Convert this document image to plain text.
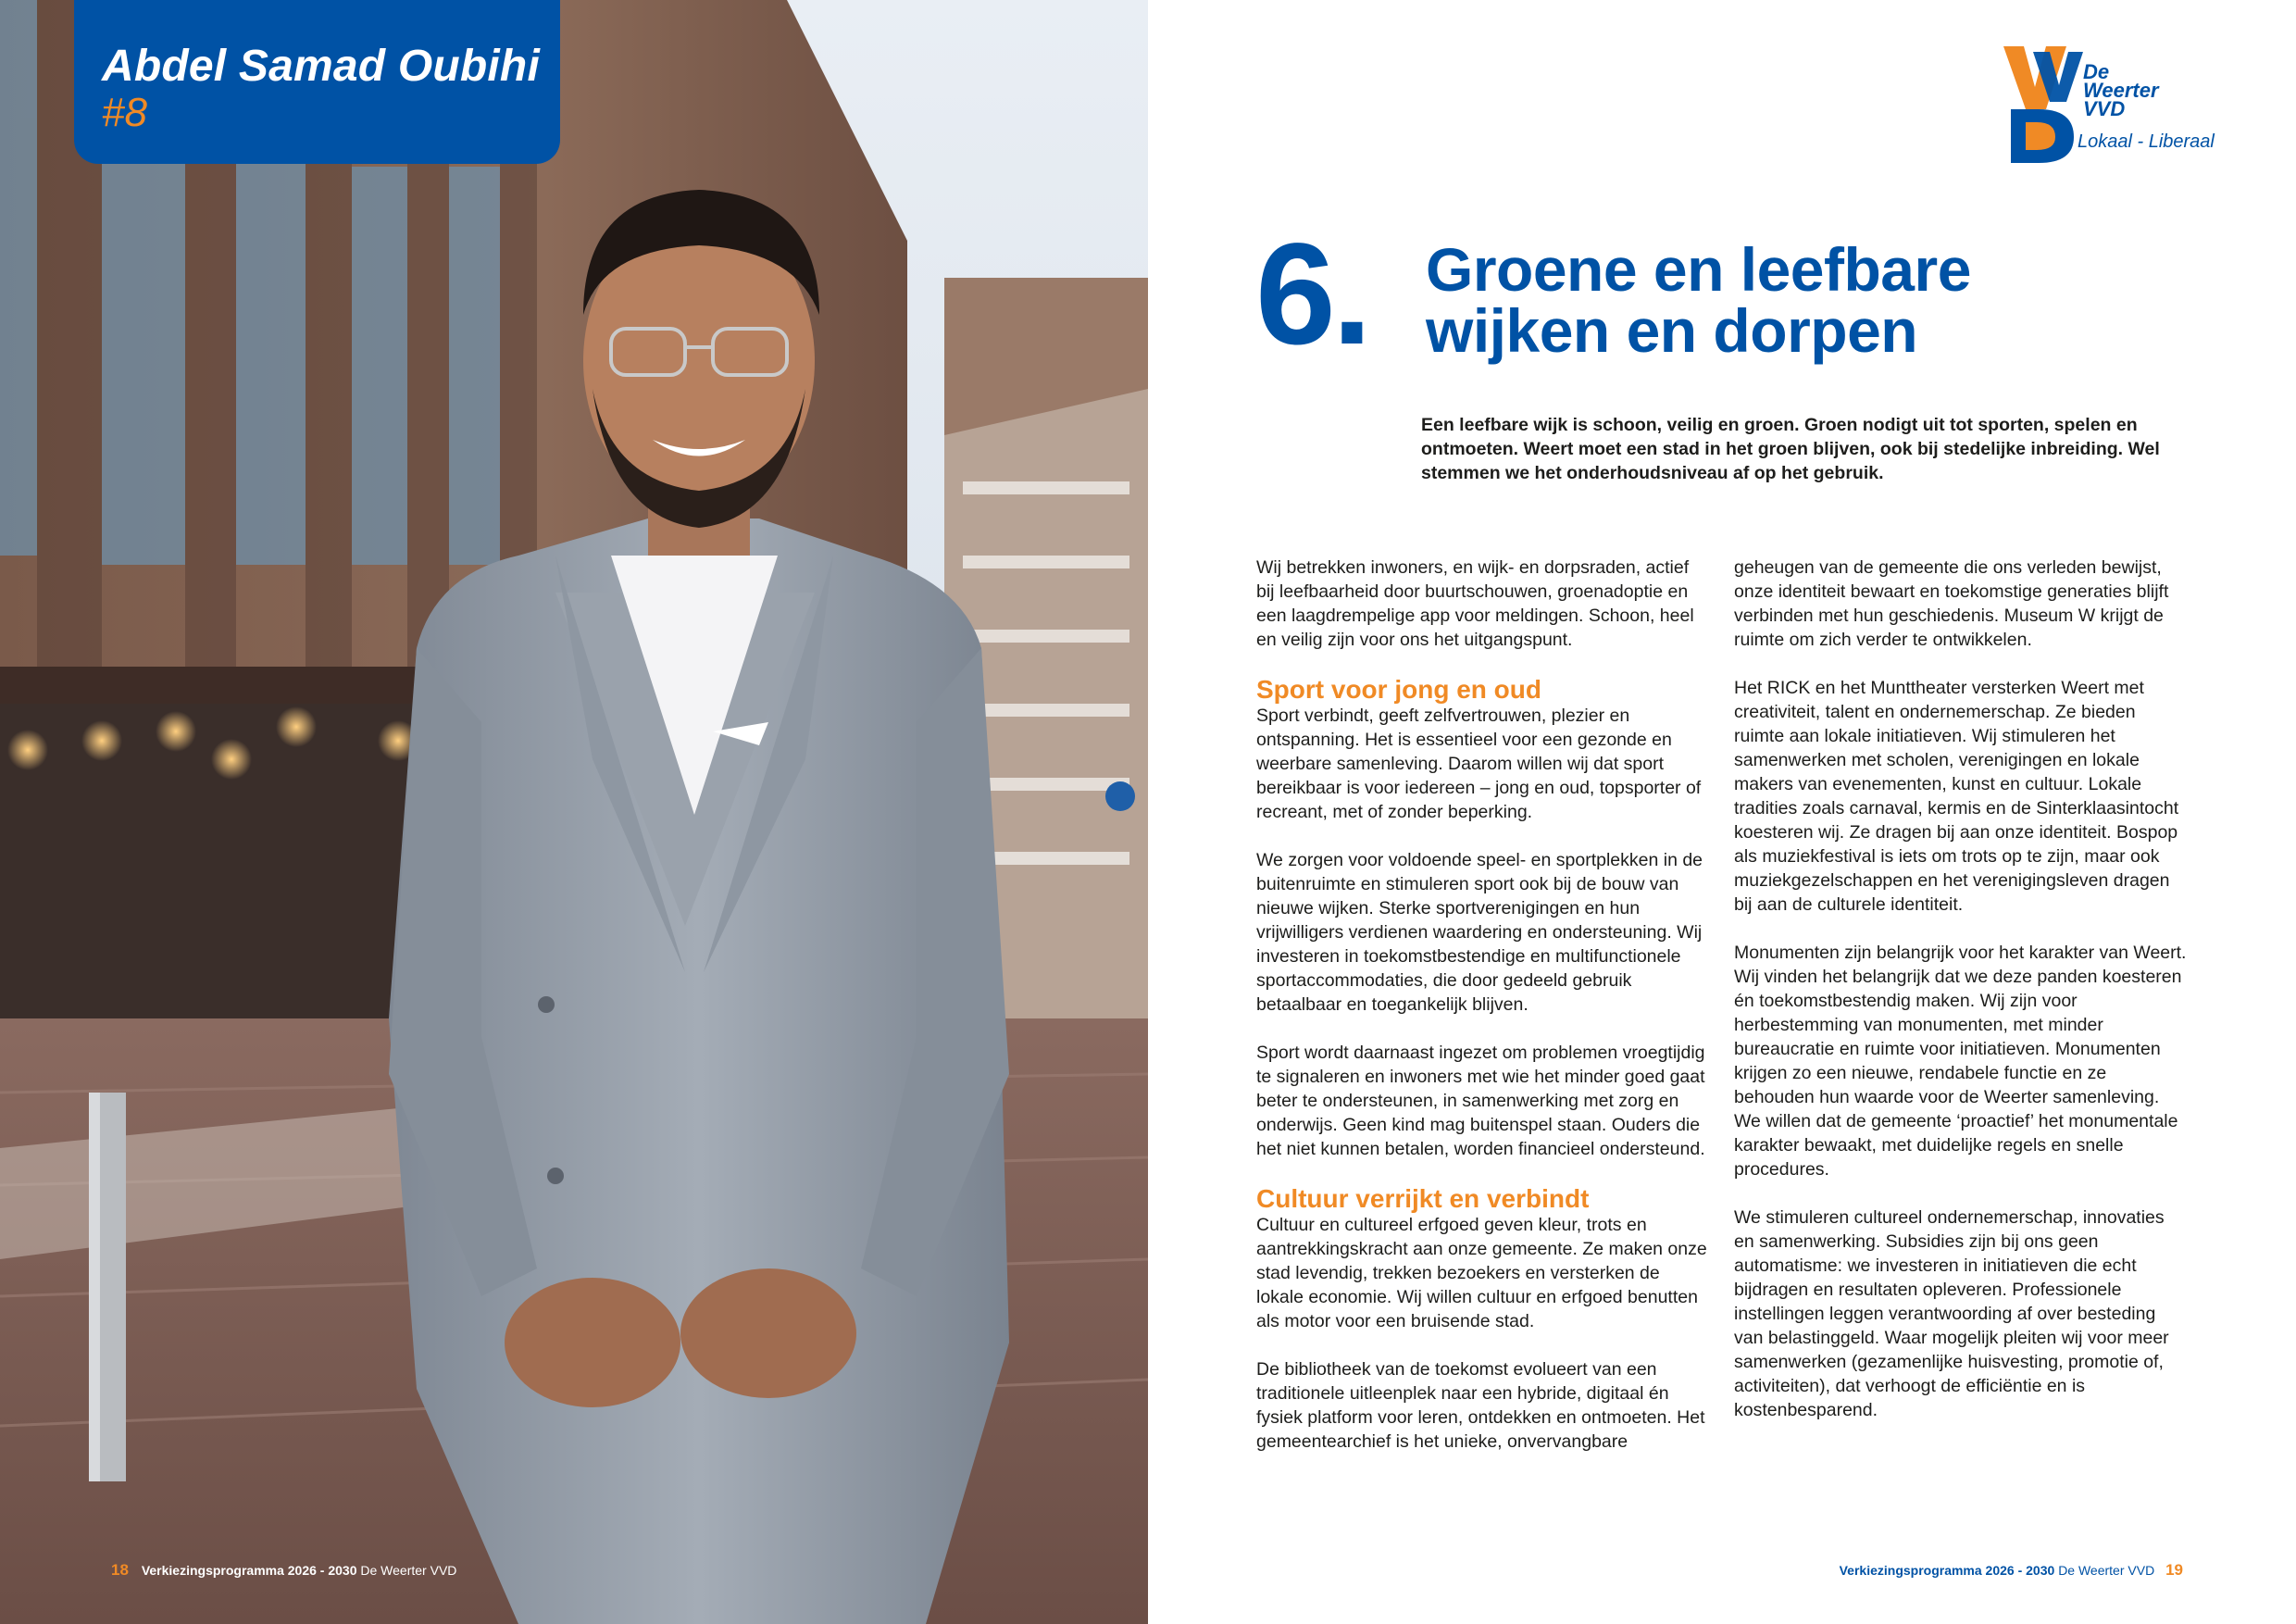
Abdel Samad Oubihi
#8
18 Verkiezingsprogramma 2026 - 2030 De Weerter VVD
De
Weerter
VVD
Lokaal - Liberaal
6. Groene en leefbare
wijken en dorpen
Een leefbare wijk is schoon, veilig en groen. Groen nodigt uit tot sporten, spelen en ontmoeten. Weert moet een stad in het groen blijven, ook bij stedelijke inbreiding. Wel stemmen we het onderhoudsniveau af op het gebruik.

Wij betrekken inwoners, en wijk- en dorpsraden, actief bij leefbaarheid door buurtschouwen, groenadoptie en een laagdrempelige app voor meldingen. Schoon, heel en veilig zijn voor ons het uitgangspunt.

Sport voor jong en oud

Sport verbindt, geeft zelfvertrouwen, plezier en ontspanning. Het is essentieel voor een gezonde en weerbare samenleving. Daarom willen wij dat sport bereikbaar is voor iedereen – jong en oud, topsporter of recreant, met of zonder beperking.

We zorgen voor voldoende speel- en sportplekken in de buitenruimte en stimuleren sport ook bij de bouw van nieuwe wijken. Sterke sportverenigingen en hun vrijwilligers verdienen waardering en ondersteuning. Wij investeren in toekomstbestendige en multifunctionele sportaccommodaties, die door gedeeld gebruik betaalbaar en toegankelijk blijven.

Sport wordt daarnaast ingezet om problemen vroegtijdig te signaleren en inwoners met wie het minder goed gaat beter te ondersteunen, in samenwerking met zorg en onderwijs. Geen kind mag buitenspel staan. Ouders die het niet kunnen betalen, worden financieel ondersteund.

Cultuur verrijkt en verbindt

Cultuur en cultureel erfgoed geven kleur, trots en aantrekkingskracht aan onze gemeente. Ze maken onze stad levendig, trekken bezoekers en versterken de lokale economie. Wij willen cultuur en erfgoed benutten als motor voor een bruisende stad.

De bibliotheek van de toekomst evolueert van een traditionele uitleenplek naar een hybride, digitaal én fysiek platform voor leren, ontdekken en ontmoeten. Het gemeentearchief is het unieke, onvervangbare

geheugen van de gemeente die ons verleden bewijst, onze identiteit bewaart en toekomstige generaties blijft verbinden met hun geschiedenis. Museum W krijgt de ruimte om zich verder te ontwikkelen.

Het RICK en het Munttheater versterken Weert met creativiteit, talent en ondernemerschap. Ze bieden ruimte aan lokale initiatieven. Wij stimuleren het samenwerken met scholen, verenigingen en lokale makers van evenementen, kunst en cultuur. Lokale tradities zoals carnaval, kermis en de Sinterklaasintocht koesteren wij. Ze dragen bij aan onze identiteit. Bospop als muziekfestival is iets om trots op te zijn, maar ook muziekgezelschappen en het verenigingsleven dragen bij aan de culturele identiteit.

Monumenten zijn belangrijk voor het karakter van Weert. Wij vinden het belangrijk dat we deze panden koesteren én toekomstbestendig maken. Wij zijn voor herbestemming van monumenten, met minder bureaucratie en ruimte voor initiatieven. Monumenten krijgen zo een nieuwe, rendabele functie en ze behouden hun waarde voor de Weerter samenleving. We willen dat de gemeente ‘proactief’ het monumentale karakter bewaakt, met duidelijke regels en snelle procedures.

We stimuleren cultureel ondernemerschap, innovaties en samenwerking. Subsidies zijn bij ons geen automatisme: we investeren in initiatieven die echt bijdragen en resultaten opleveren. Professionele instellingen leggen verantwoording af over besteding van belastinggeld. Waar mogelijk pleiten wij voor meer samenwerken (gezamenlijke huisvesting, promotie of, activiteiten), dat verhoogt de efficiëntie en is kostenbesparend.

Verkiezingsprogramma 2026 - 2030 De Weerter VVD 19
